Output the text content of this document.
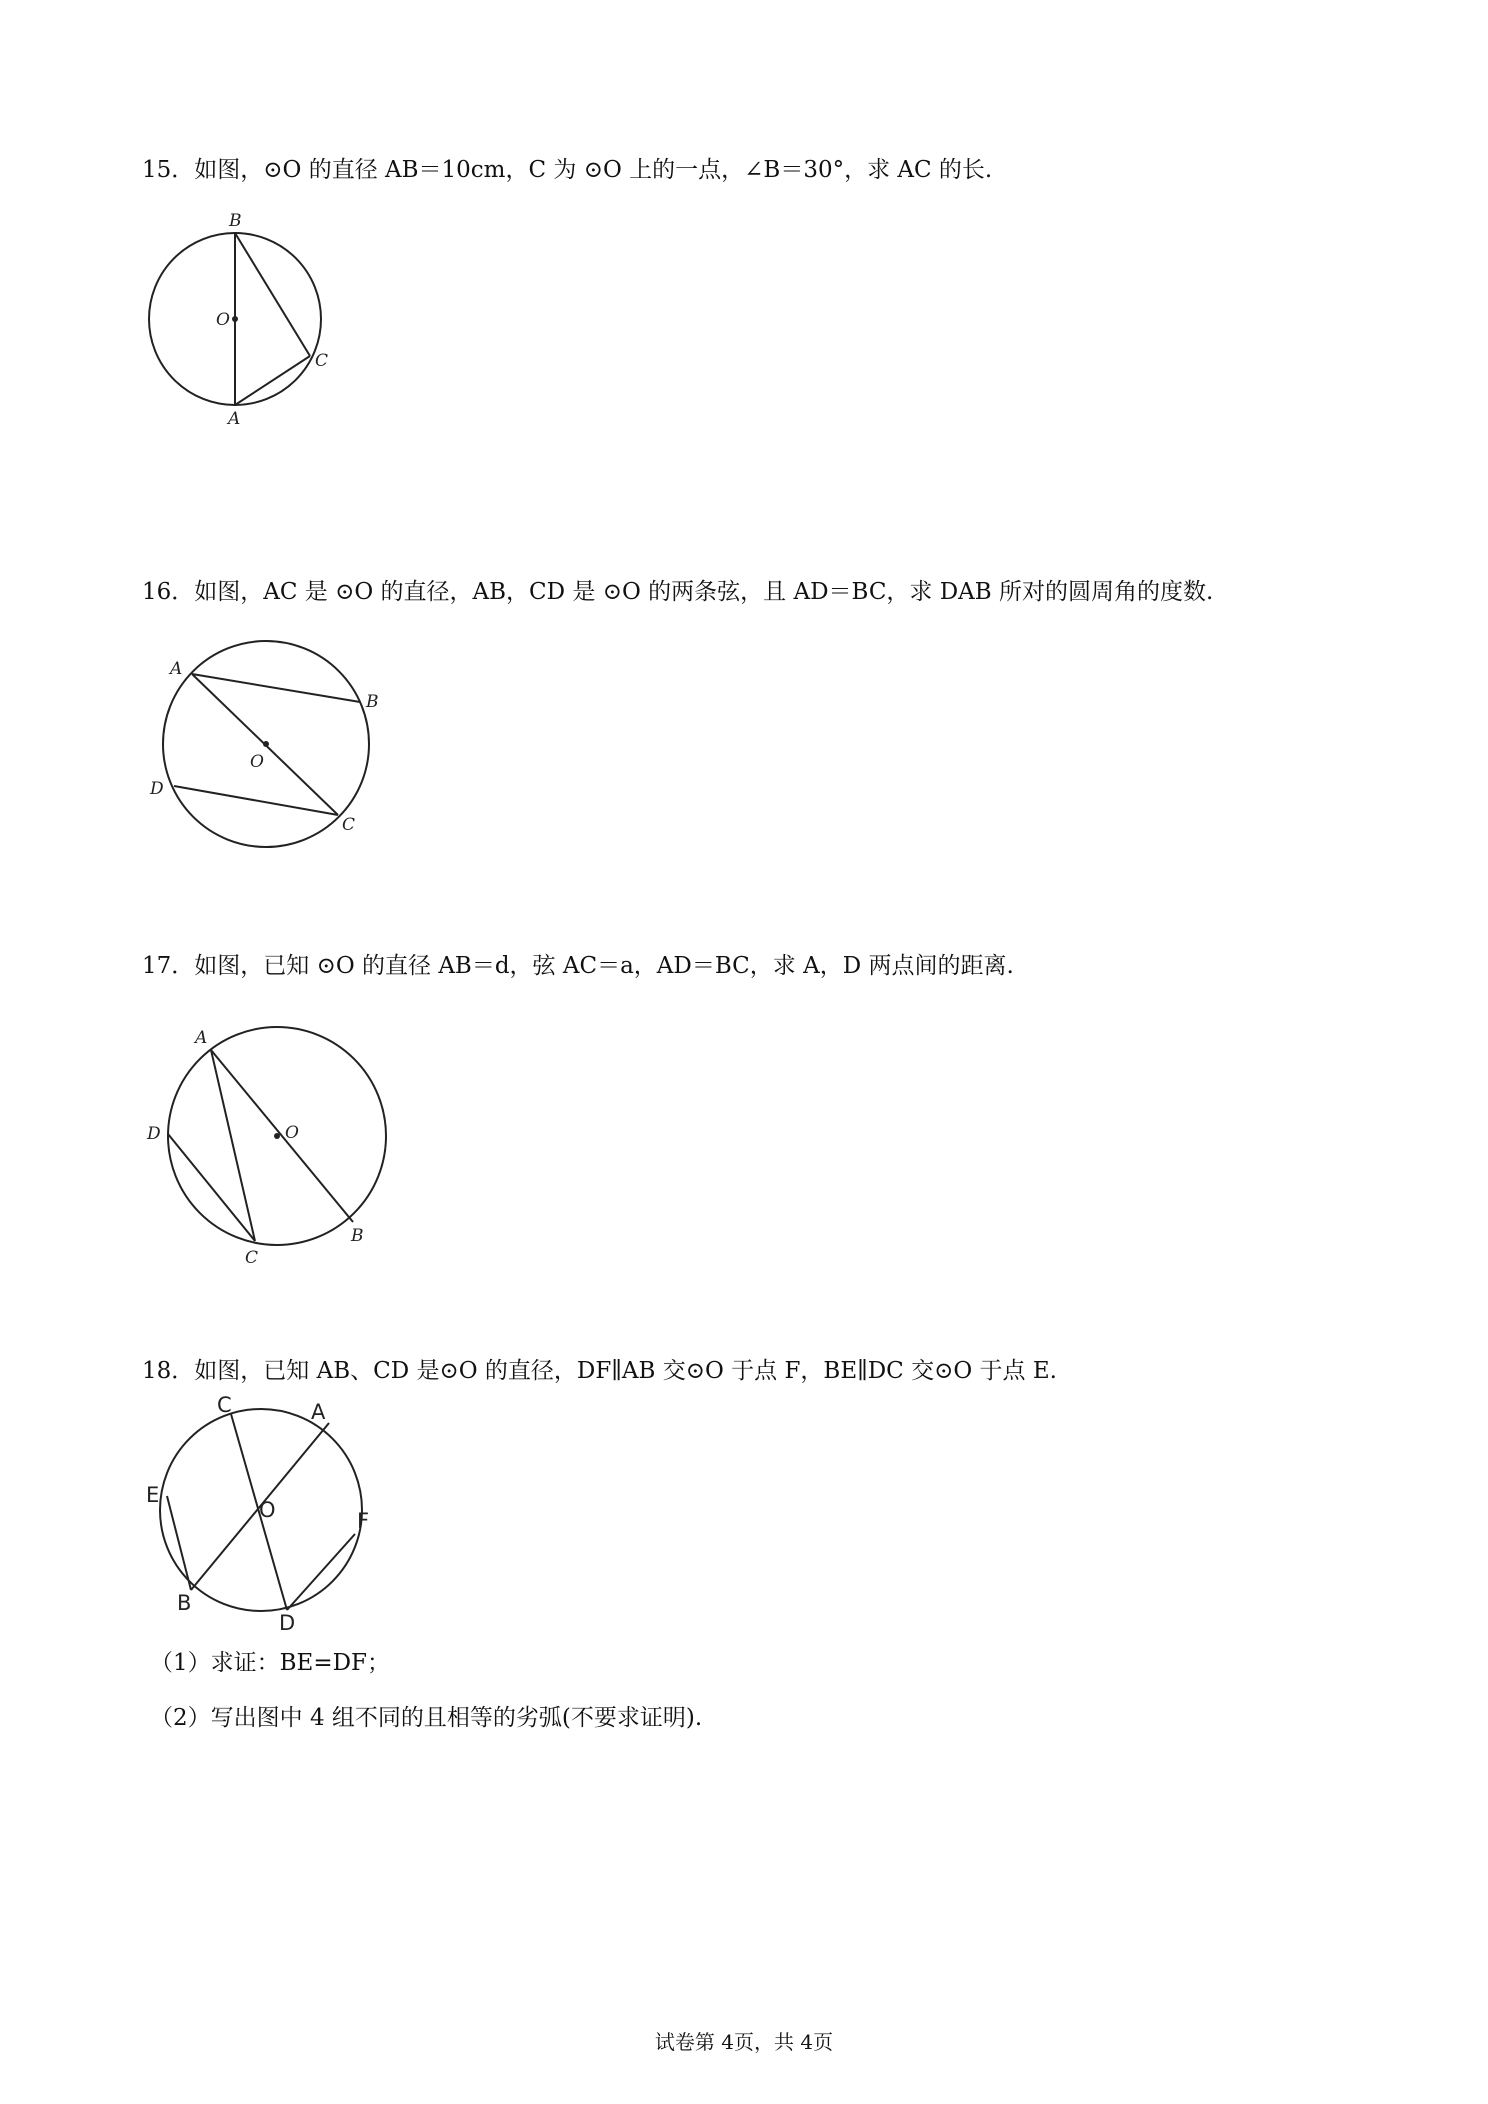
15．如图，⊙O 的直径 AB＝10cm，C 为 ⊙O 上的一点，∠B＝30°，求 AC 的长.
B
O
C
A
16．如图，AC 是 ⊙O 的直径，AB，CD 是 ⊙O 的两条弦，且 AD＝BC，求 DAB 所对的圆周角的度数.
A
B
O
D
C
17．如图，已知 ⊙O 的直径 AB＝d，弦 AC＝a，AD＝BC，求 A，D 两点间的距离.
A
O
D
C
B
18．如图，已知 AB、CD 是⊙O 的直径，DF∥AB 交⊙O 于点 F，BE∥DC 交⊙O 于点 E.
C	A
E
O	F
B
D
（1）求证：BE=DF；
（2）写出图中 4 组不同的且相等的劣弧(不要求证明).
试卷第 4页，共 4页
